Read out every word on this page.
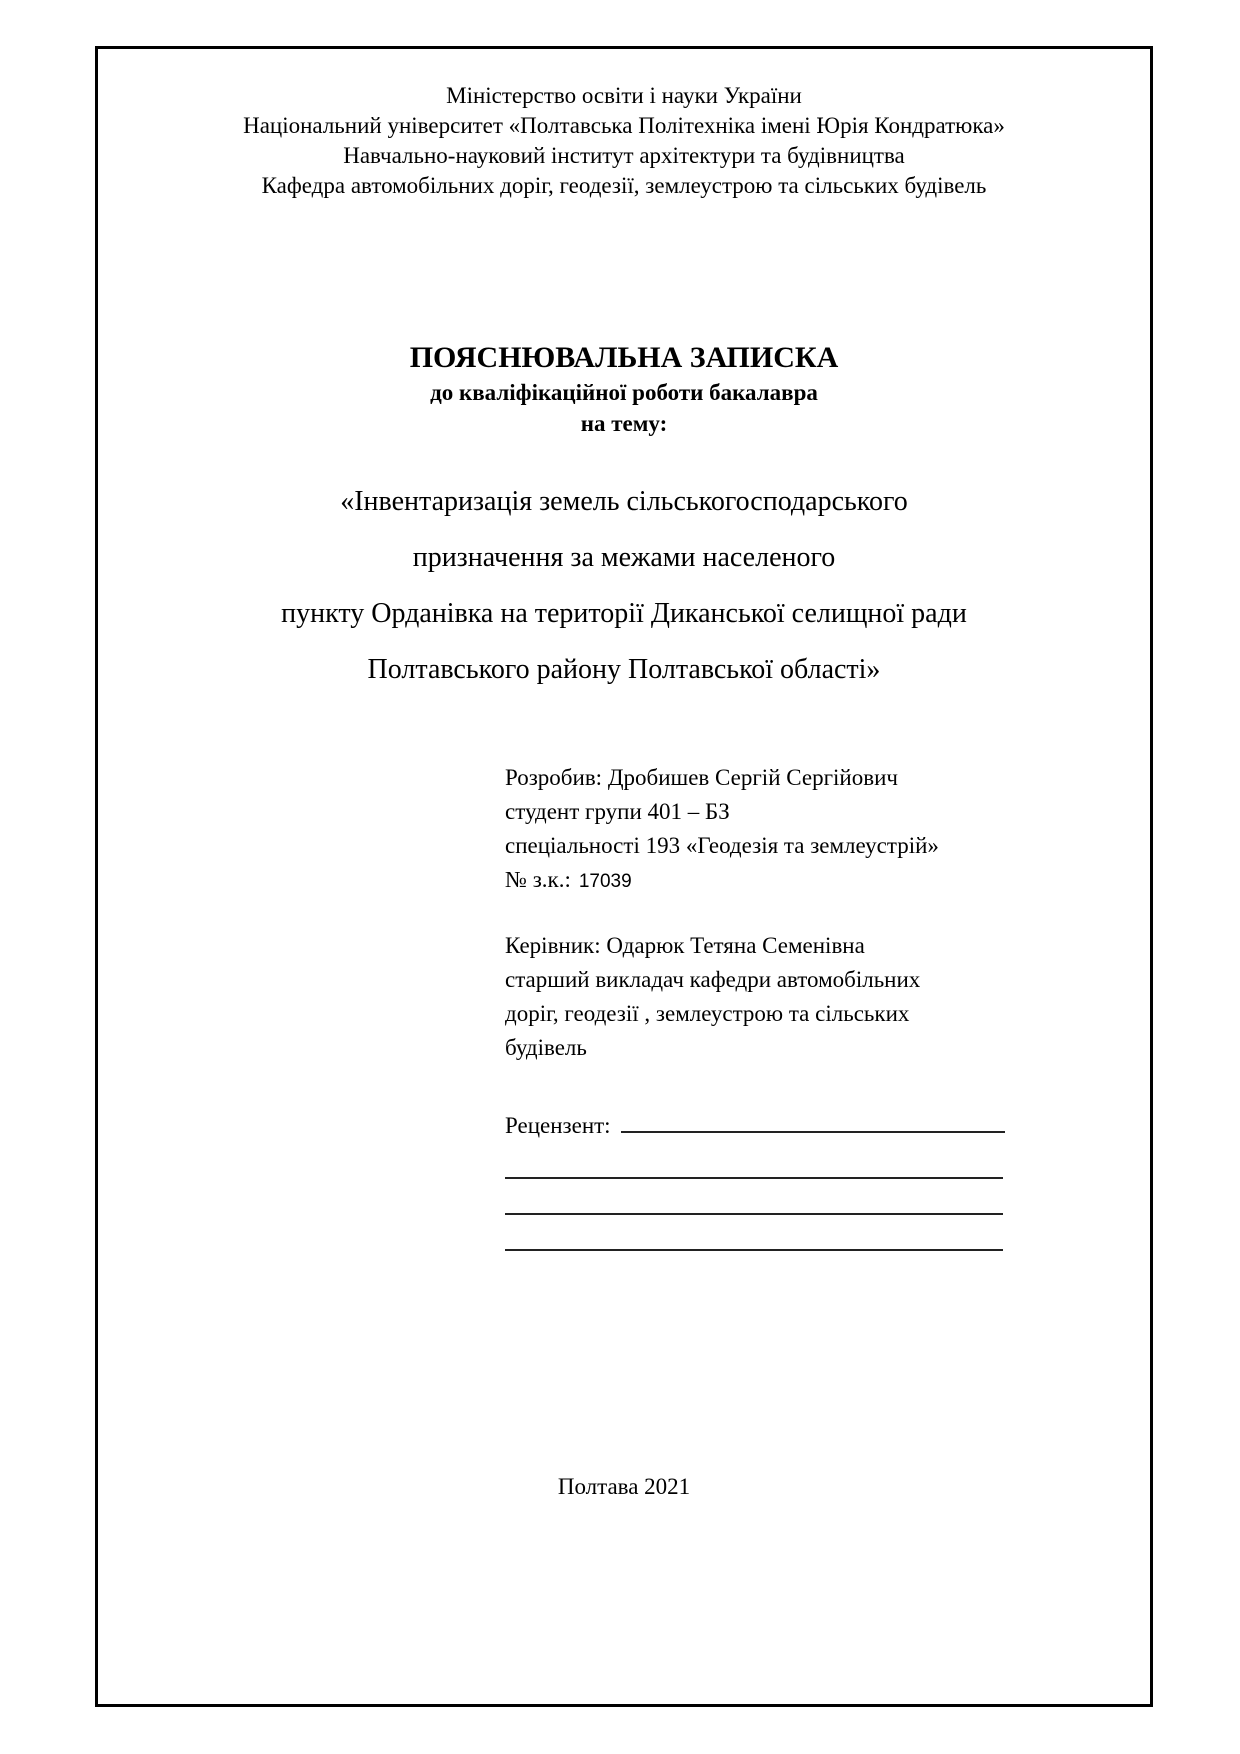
Міністерство освіти і науки України
Національний університет «Полтавська Політехніка імені Юрія Кондратюка»
Навчально-науковий інститут архітектури та будівництва
Кафедра автомобільних доріг, геодезії, землеустрою та сільських будівель
ПОЯСНЮВАЛЬНА ЗАПИСКА
до кваліфікаційної роботи бакалавра
на тему:
«Інвентаризація земель сільськогосподарського
призначення за межами населеного
пункту Орданівка на території Диканської селищної ради
Полтавського району Полтавської області»
Розробив: Дробишев Сергій Сергійович
студент групи 401 – БЗ
спеціальності 193 «Геодезія та землеустрій»
№ з.к.: 17039
Керівник: Одарюк Тетяна Семенівна
старший викладач кафедри автомобільних
доріг, геодезії , землеустрою та сільських
будівель
Рецензент:
Полтава 2021
